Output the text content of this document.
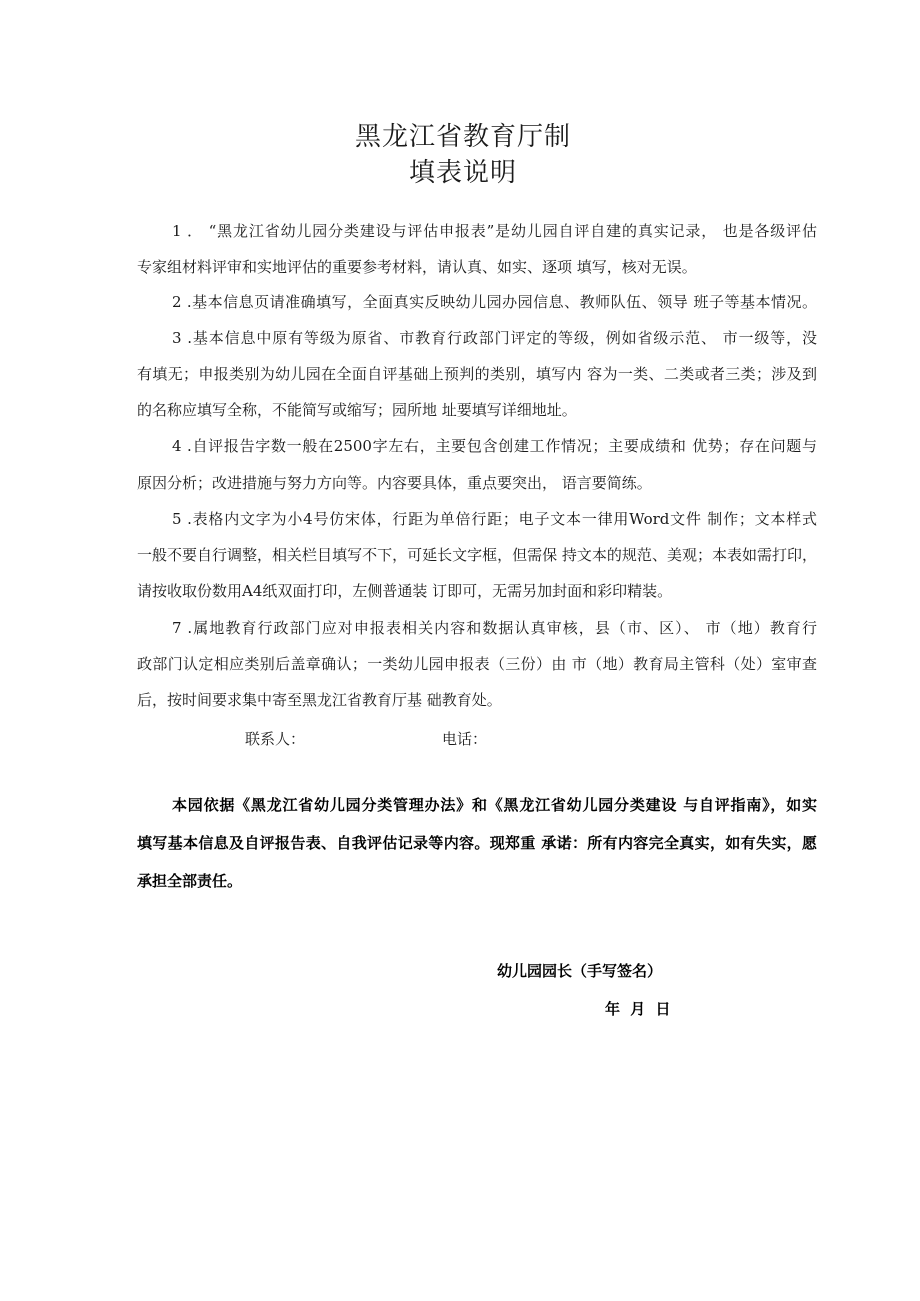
黑龙江省教育厅制
填表说明
1 ． “黑龙江省幼儿园分类建设与评估申报表”是幼儿园自评自建的真实记录， 也是各级评估
专家组材料评审和实地评估的重要参考材料，请认真、如实、逐项 填写，核对无误。
2 .基本信息页请准确填写，全面真实反映幼儿园办园信息、教师队伍、领导 班子等基本情况。
3 .基本信息中原有等级为原省、市教育行政部门评定的等级，例如省级示范、 市一级等，没
有填无；申报类别为幼儿园在全面自评基础上预判的类别，填写内 容为一类、二类或者三类；涉及到
的名称应填写全称，不能简写或缩写；园所地 址要填写详细地址。
4 .自评报告字数一般在2500字左右，主要包含创建工作情况；主要成绩和 优势；存在问题与
原因分析；改进措施与努力方向等。内容要具体，重点要突出， 语言要简练。
5 .表格内文字为小4号仿宋体，行距为单倍行距；电子文本一律用Word文件 制作；文本样式
一般不要自行调整，相关栏目填写不下，可延长文字框，但需保 持文本的规范、美观；本表如需打印，
请按收取份数用A4纸双面打印，左侧普通装 订即可，无需另加封面和彩印精装。
7 .属地教育行政部门应对申报表相关内容和数据认真审核，县（市、区）、 市（地）教育行
政部门认定相应类别后盖章确认；一类幼儿园申报表（三份）由 市（地）教育局主管科（处）室审查
后，按时间要求集中寄至黑龙江省教育厅基 础教育处。
联系人：	电话：
本园依据《黑龙江省幼儿园分类管理办法》和《黑龙江省幼儿园分类建设 与自评指南》，如实
填写基本信息及自评报告表、自我评估记录等内容。现郑重 承诺：所有内容完全真实，如有失实，愿
承担全部责任。
幼儿园园长（手写签名）
年 月 日
